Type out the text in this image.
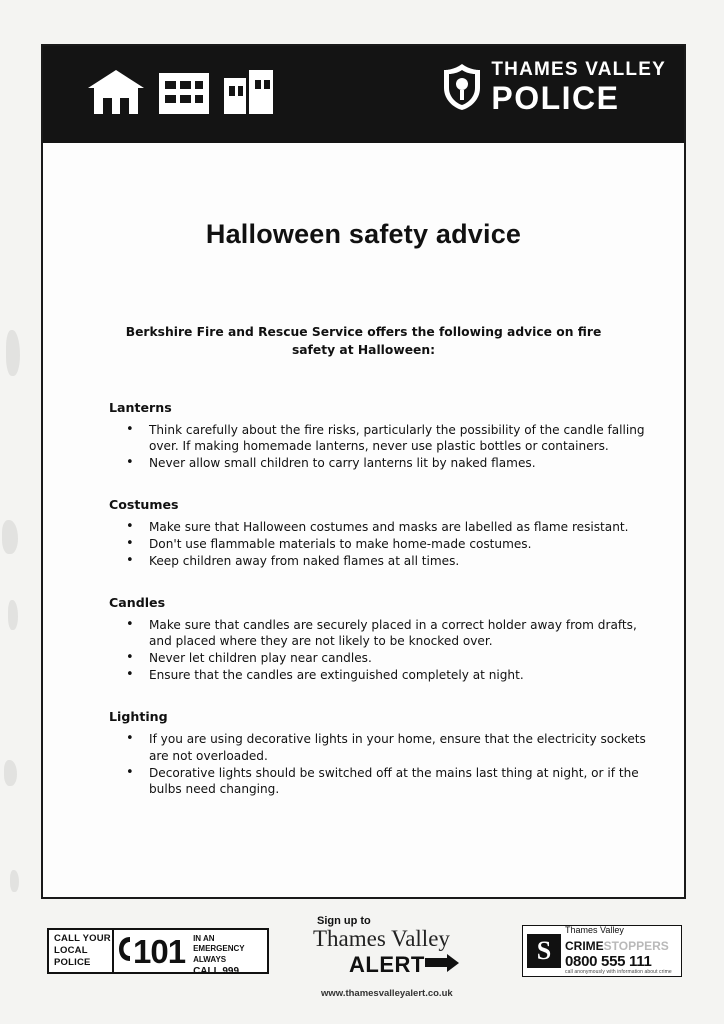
THAMES VALLEY
POLICE
Halloween safety advice

Berkshire Fire and Rescue Service offers the following advice on fire safety at Halloween:

Lanterns
• Think carefully about the fire risks, particularly the possibility of the candle falling over. If making homemade lanterns, never use plastic bottles or containers.
• Never allow small children to carry lanterns lit by naked flames.
Costumes
• Make sure that Halloween costumes and masks are labelled as flame resistant.
• Don't use flammable materials to make home-made costumes.
• Keep children away from naked flames at all times.
Candles
• Make sure that candles are securely placed in a correct holder away from drafts, and placed where they are not likely to be knocked over.
• Never let children play near candles.
• Ensure that the candles are extinguished completely at night.
Lighting
• If you are using decorative lights in your home, ensure that the electricity sockets are not overloaded.
• Decorative lights should be switched off at the mains last thing at night, or if the bulbs need changing.
CALL YOUR
LOCAL
POLICE	101 IN AN
EMERGENCY
ALWAYS
CALL 999
Sign up to
Thames Valley
ALERT
www.thamesvalleyalert.co.uk
S
Thames Valley
CRIMESTOPPERS
0800 555 111
call anonymously with information about crime
